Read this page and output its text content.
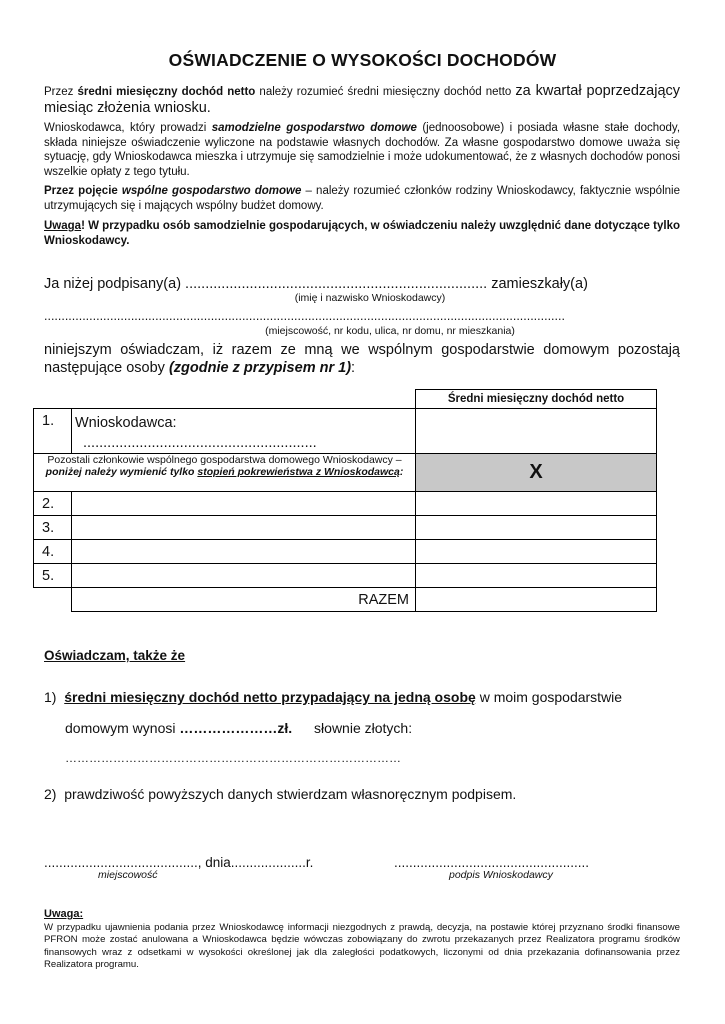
OŚWIADCZENIE O WYSOKOŚCI DOCHODÓW
Przez średni miesięczny dochód netto należy rozumieć średni miesięczny dochód netto za kwartał poprzedzający miesiąc złożenia wniosku.
Wnioskodawca, który prowadzi samodzielne gospodarstwo domowe (jednoosobowe) i posiada własne stałe dochody, składa niniejsze oświadczenie wyliczone na podstawie własnych dochodów. Za własne gospodarstwo domowe uważa się sytuację, gdy Wnioskodawca mieszka i utrzymuje się samodzielnie i może udokumentować, że z własnych dochodów ponosi wszelkie opłaty z tego tytułu.
Przez pojęcie wspólne gospodarstwo domowe – należy rozumieć członków rodziny Wnioskodawcy, faktycznie wspólnie utrzymujących się i mających wspólny budżet domowy.
Uwaga! W przypadku osób samodzielnie gospodarujących, w oświadczeniu należy uwzględnić dane dotyczące tylko Wnioskodawcy.
Ja niżej podpisany(a) ........................................................................... zamieszkały(a)
(imię i nazwisko Wnioskodawcy)
......................................................................................................................................................
(miejscowość, nr kodu, ulica, nr domu, nr mieszkania)
niniejszym oświadczam, iż razem ze mną we wspólnym gospodarstwie domowym pozostają następujące osoby (zgodnie z przypisem nr 1):
		Średni miesięczny dochód netto
1.	Wnioskodawca:
..........................................................	

Pozostali członkowie wspólnego gospodarstwa domowego Wnioskodawcy – poniżej należy wymienić tylko stopień pokrewieństwa z Wnioskodawcą:		X
2.		
3.		
4.		
5.		
	RAZEM	
Oświadczam, także że
1) średni miesięczny dochód netto przypadający na jedną osobę w moim gospodarstwie
domowym wynosi …………………zł. słownie złotych:
…………………………………………………………………………
2) prawdziwość powyższych danych stwierdzam własnoręcznym podpisem.
........................................., dnia....................r.	....................................................
miejscowość	podpis Wnioskodawcy
Uwaga:
W przypadku ujawnienia podania przez Wnioskodawcę informacji niezgodnych z prawdą, decyzja, na postawie której przyznano środki finansowe PFRON może zostać anulowana a Wnioskodawca będzie wówczas zobowiązany do zwrotu przekazanych przez Realizatora programu środków finansowych wraz z odsetkami w wysokości określonej jak dla zaległości podatkowych, liczonymi od dnia przekazania dofinansowania przez Realizatora programu.
